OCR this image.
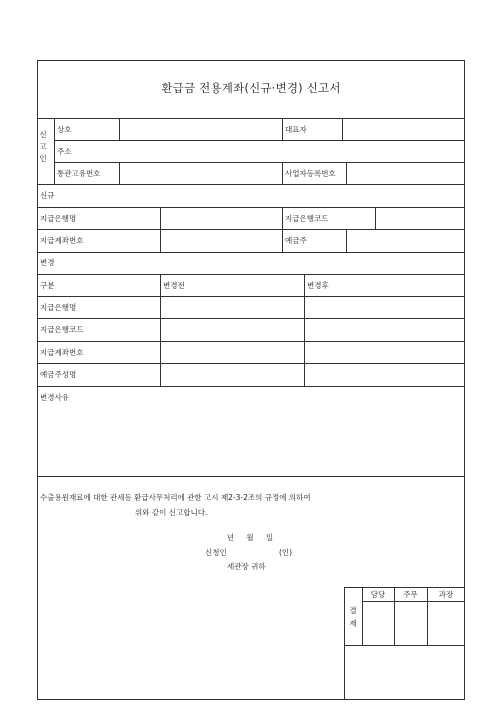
환급금 전용계좌(신규·변경) 신고서
신
고
인
상호	대표자
주소
통관고유번호	사업자등록번호
신규
지급은행명	지급은행코드
지급계좌번호	예금주
변경
구분	변경전	변경후
지급은행명
지급은행코드
지급계좌번호
예금주성명
변경사유
수출용원재료에 대한 관세등 환급사무처리에 관한 고시 제2-3-2조의 규정에 의하여
위와 같이 신고합니다.
년 월 일
신청인	(인)
세관장 귀하
결
재
담당	주무	과장
